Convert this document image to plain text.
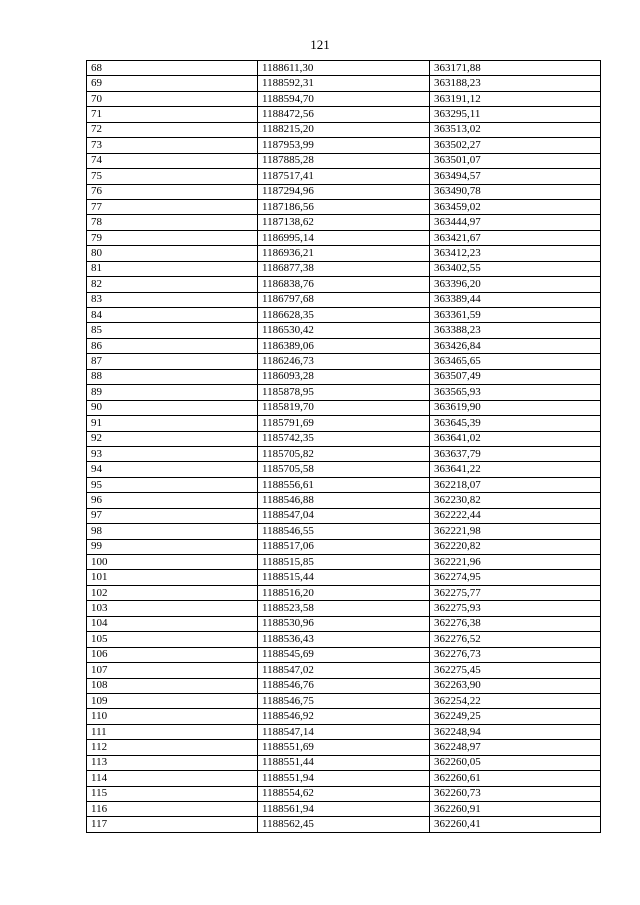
121
68	1188611,30	363171,88
69	1188592,31	363188,23
70	1188594,70	363191,12
71	1188472,56	363295,11
72	1188215,20	363513,02
73	1187953,99	363502,27
74	1187885,28	363501,07
75	1187517,41	363494,57
76	1187294,96	363490,78
77	1187186,56	363459,02
78	1187138,62	363444,97
79	1186995,14	363421,67
80	1186936,21	363412,23
81	1186877,38	363402,55
82	1186838,76	363396,20
83	1186797,68	363389,44
84	1186628,35	363361,59
85	1186530,42	363388,23
86	1186389,06	363426,84
87	1186246,73	363465,65
88	1186093,28	363507,49
89	1185878,95	363565,93
90	1185819,70	363619,90
91	1185791,69	363645,39
92	1185742,35	363641,02
93	1185705,82	363637,79
94	1185705,58	363641,22
95	1188556,61	362218,07
96	1188546,88	362230,82
97	1188547,04	362222,44
98	1188546,55	362221,98
99	1188517,06	362220,82
100	1188515,85	362221,96
101	1188515,44	362274,95
102	1188516,20	362275,77
103	1188523,58	362275,93
104	1188530,96	362276,38
105	1188536,43	362276,52
106	1188545,69	362276,73
107	1188547,02	362275,45
108	1188546,76	362263,90
109	1188546,75	362254,22
110	1188546,92	362249,25
111	1188547,14	362248,94
112	1188551,69	362248,97
113	1188551,44	362260,05
114	1188551,94	362260,61
115	1188554,62	362260,73
116	1188561,94	362260,91
117	1188562,45	362260,41
